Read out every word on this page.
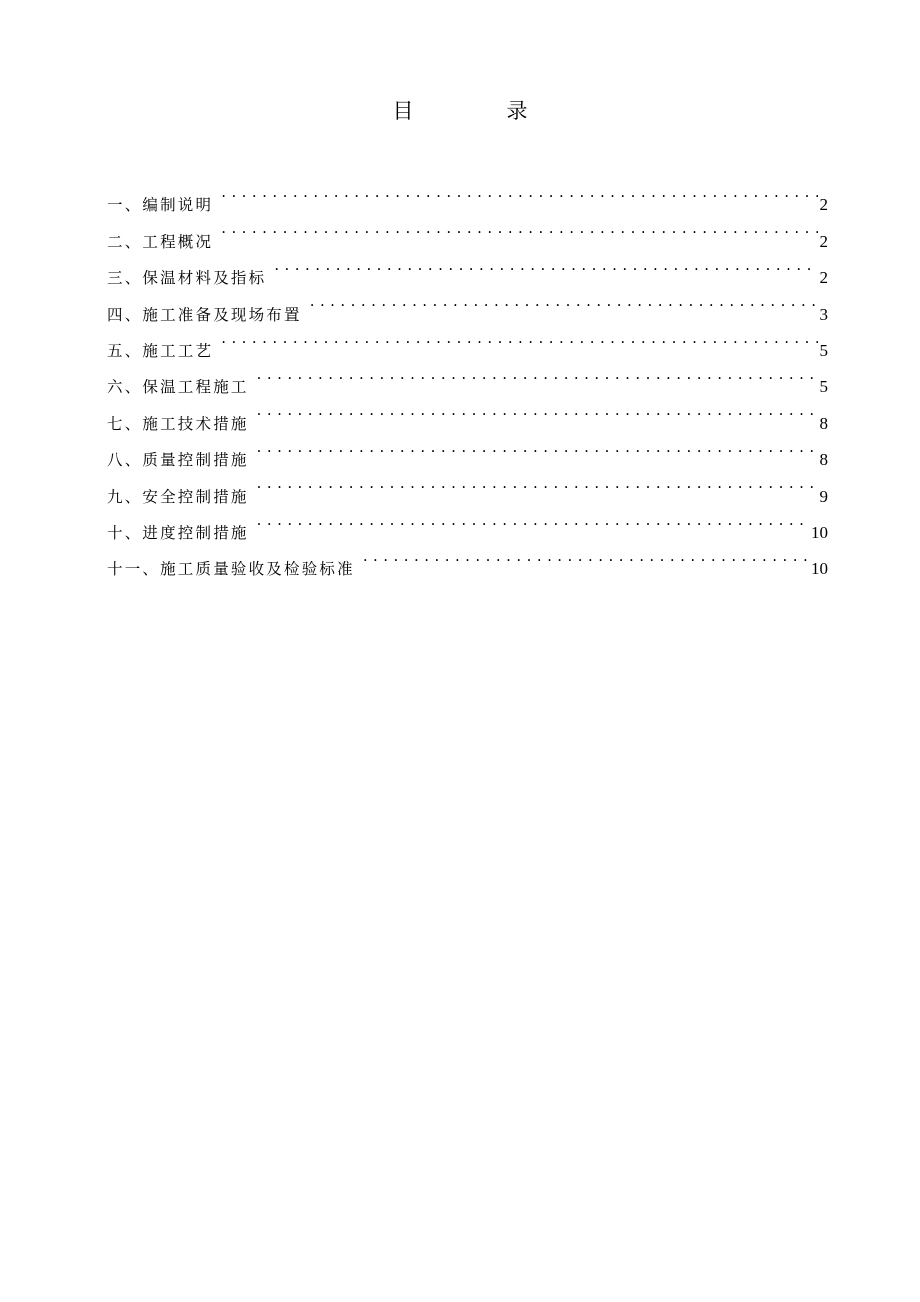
目　录
一、编制说明 . . .	2
二、工程概况 . . .	2
三、保温材料及指标 . . .	2
四、施工准备及现场布置 . . .	3
五、施工工艺 . . .	5
六、保温工程施工 . . .	5
七、施工技术措施 . . .	8
八、质量控制措施 . . .	8
九、安全控制措施 . . .	9
十、进度控制措施 . . .	10
十一、施工质量验收及检验标准 . . .	10
